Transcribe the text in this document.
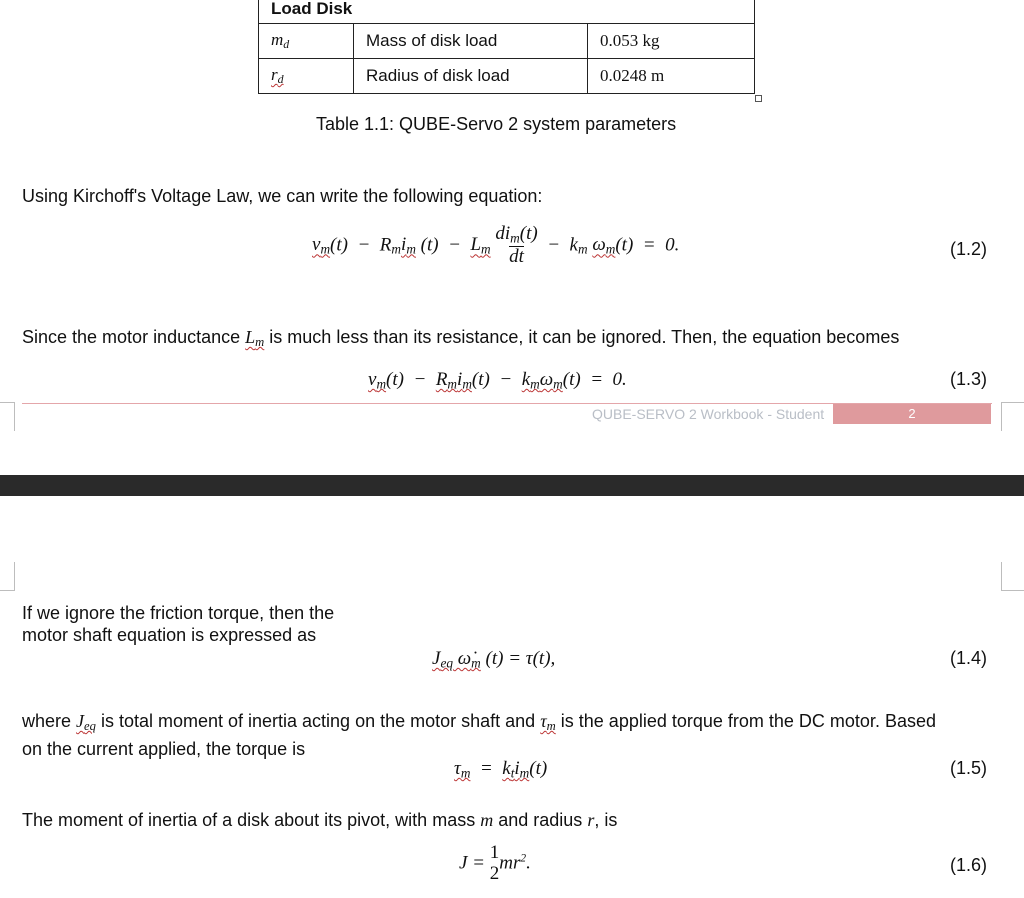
Load Disk		
$m_d$	Mass of disk load	0.053 kg
$r_d$	Radius of disk load	0.0248 m
Table 1.1: QUBE-Servo 2 system parameters
Using Kirchoff's Voltage Law, we can write the following equation:
$v_m(t) - R_mi_m$ $(t) - L_m \frac{di_m(t)}{dt} - k_m$ $\omega_m(t) = 0$.	(1.2)
Since the motor inductance $L_m$ is much less than its resistance, it can be ignored. Then, the equation becomes
$v_m(t) - R_mi_m(t) - k_m\omega_m(t) = 0$.	(1.3)
QUBE-SERVO 2 Workbook - Student	2
If we ignore the friction torque, then the
motor shaft equation is expressed as
$J_{eq}$ $\omegȧ_m$ (t) = τ(t),	(1.4)
where $J_{eq}$ is total moment of inertia acting on the motor shaft and $\tau_m$ is the applied torque from the DC motor. Based
on the current applied, the torque is
$\tau_m = k_ti_m(t)$	(1.5)
The moment of inertia of a disk about its pivot, with mass m and radius r, is
J = 1
2
$mr^2$.	(1.6)
